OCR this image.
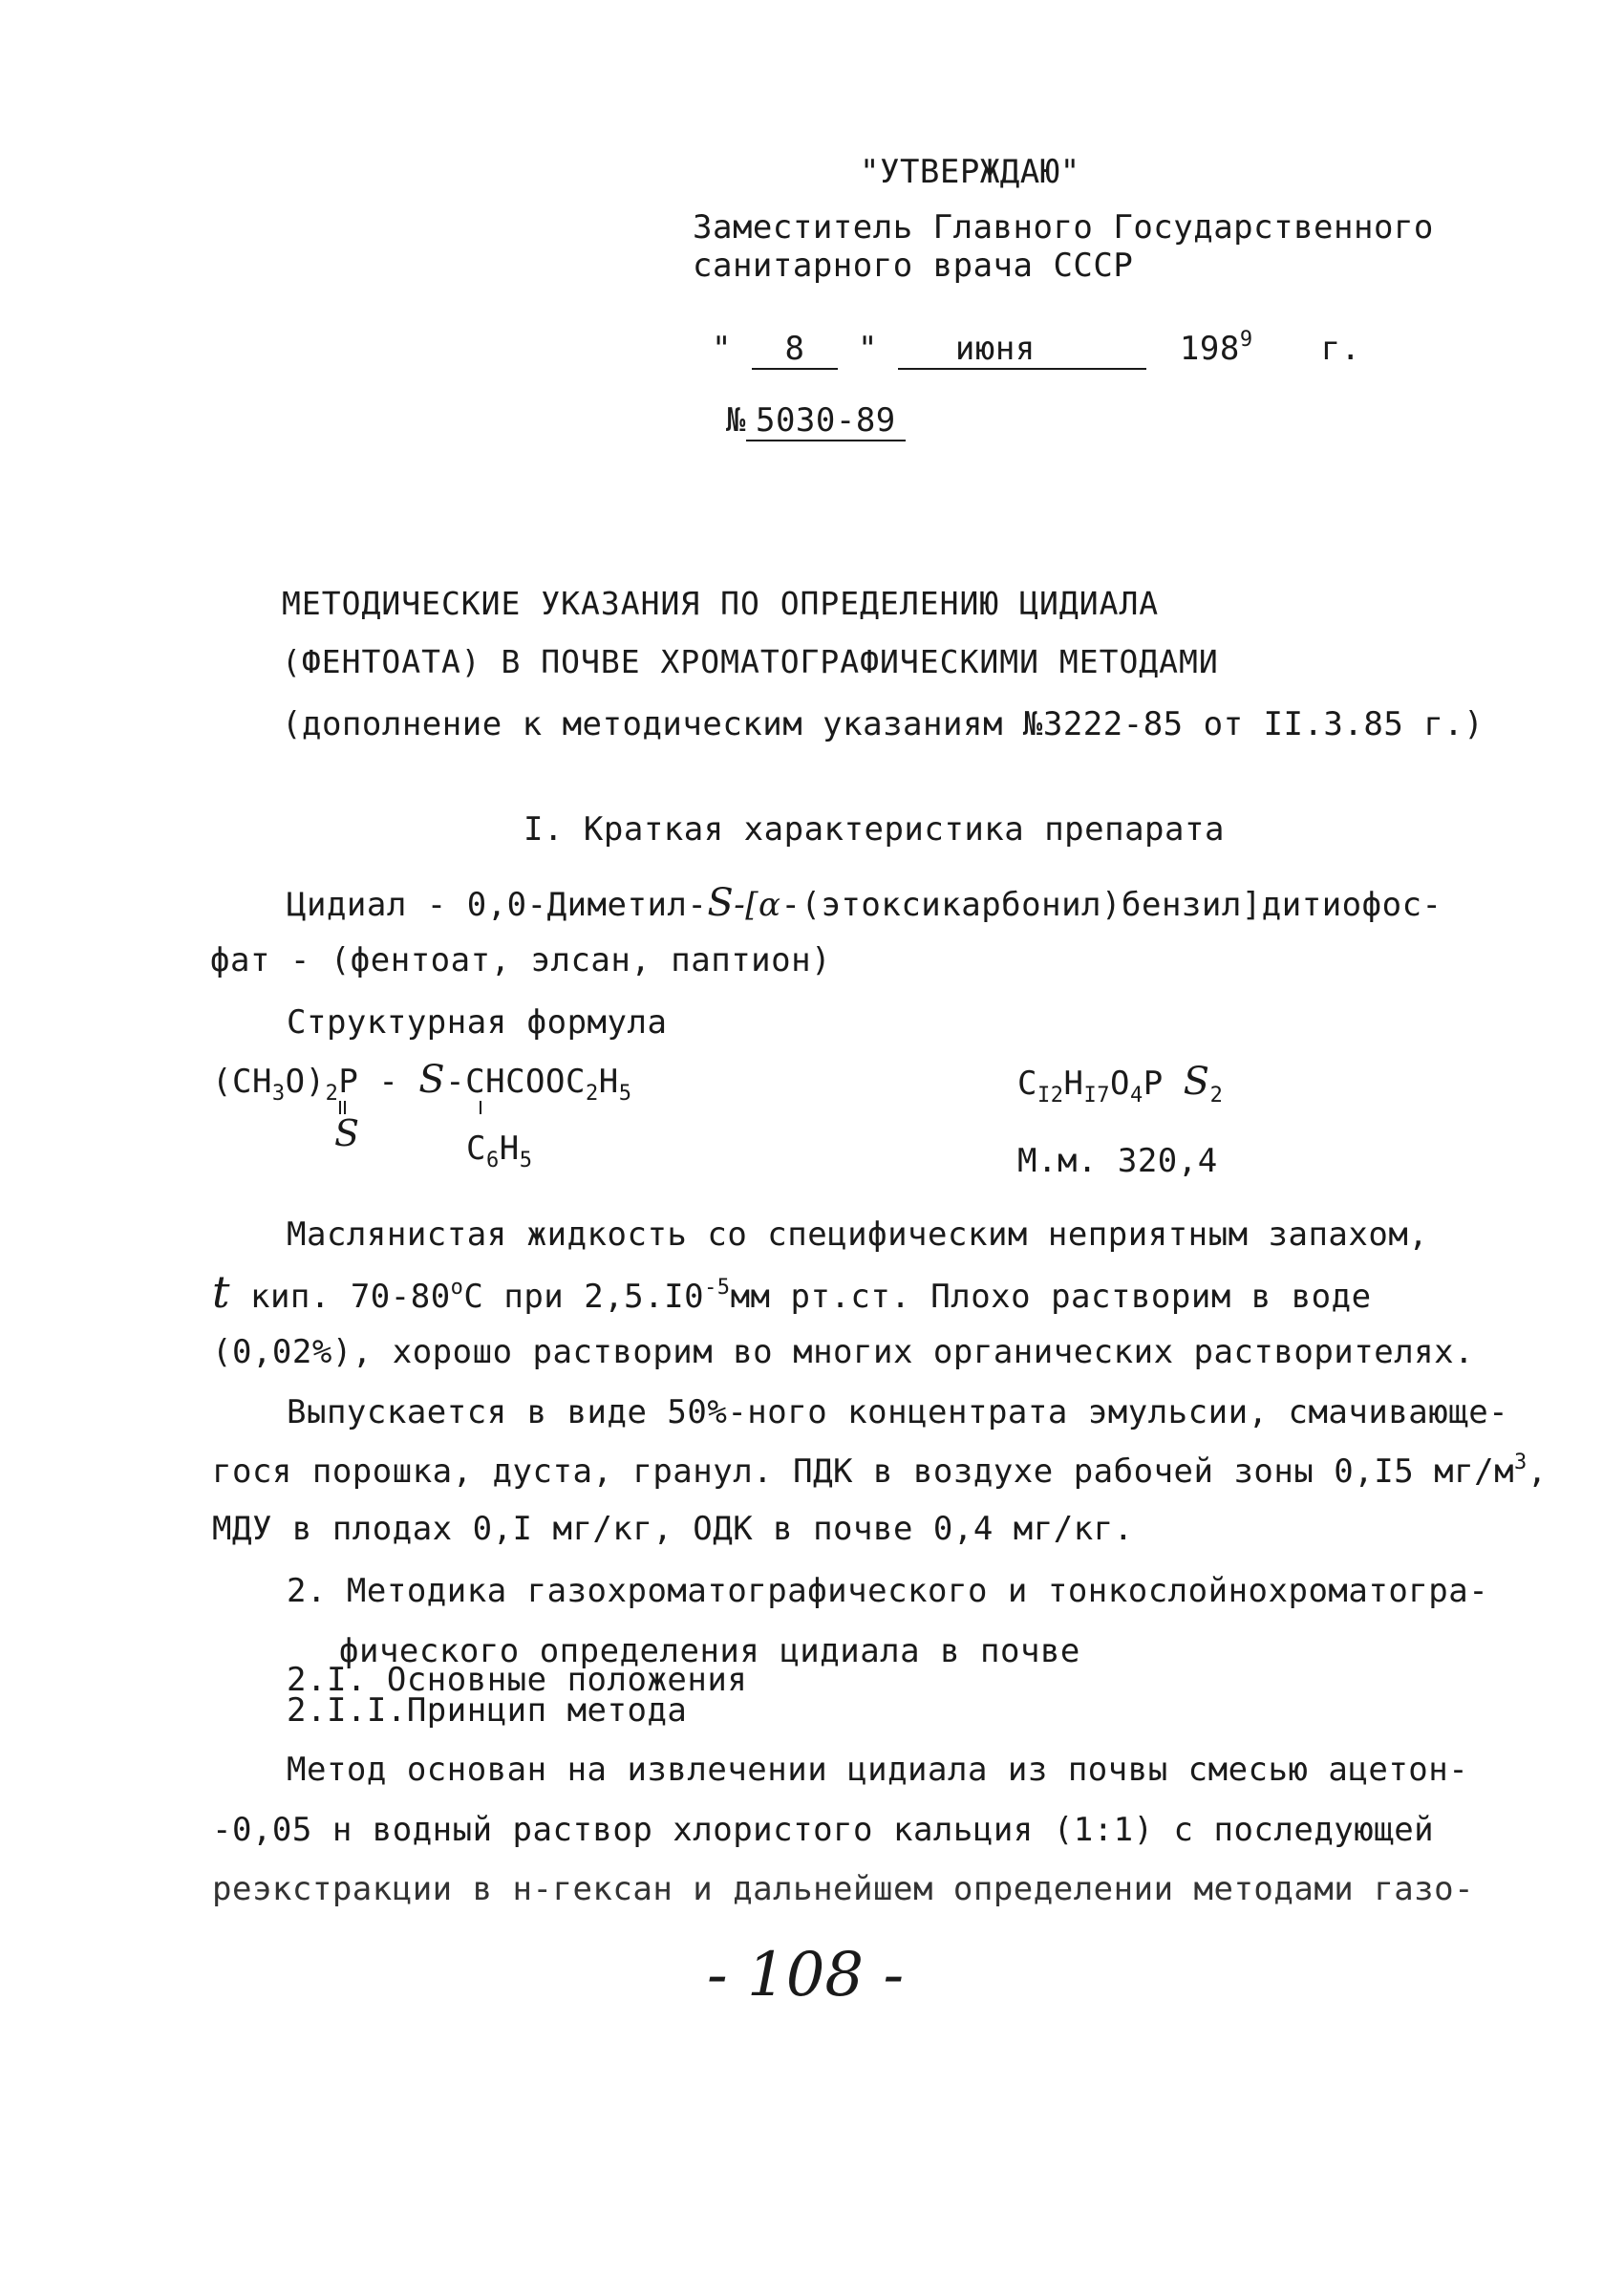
"УТВЕРЖДАЮ"
Заместитель Главного Государственного
санитарного врача СССР
" 8 " июня	$198^9$ г.
№ 5030-89
МЕТОДИЧЕСКИЕ УКАЗАНИЯ ПО ОПРЕДЕЛЕНИЮ ЦИДИАЛА
(ФЕНТОАТА) В ПОЧВЕ ХРОМАТОГРАФИЧЕСКИМИ МЕТОДАМИ
(дополнение к методическим указаниям №3222-85 от II.3.85 г.)
I. Краткая характеристика препарата
Цидиал - 0,0-Диметил-S-[α-(этоксикарбонил)бензил]дитиофос-
фат - (фентоат, элсан, паптион)
Структурная формула
$(CH_3O)_2P$ - $S-CHCOOC_2H_5$
S	$C_6H_5$
$C_{I2}H_{I7}O_4P$ $S_2$
М.м. 320,4
Маслянистая жидкость со специфическим неприятным запахом,
t кип. 70-80$^o$С при $2,5.I0^{-5}мм$ рт.ст. Плохо растворим в воде
(0,02%), хорошо растворим во многих органических растворителях.
Выпускается в виде 50%-ного концентрата эмульсии, смачивающе-
гося порошка, дуста, гранул. ПДК в воздухе рабочей зоны 0,I5 $мг/м^3$,
МДУ в плодах 0,I мг/кг, ОДК в почве 0,4 мг/кг.
2. Методика газохроматографического и тонкослойнохроматогра-
фического определения цидиала в почве
2.I. Основные положения
2.I.I.Принцип метода
Метод основан на извлечении цидиала из почвы смесью ацетон-
-0,05 н водный раствор хлористого кальция (1:1) с последующей
реэкстракции в н-гексан и дальнейшем определении методами газо-
- 108 -
